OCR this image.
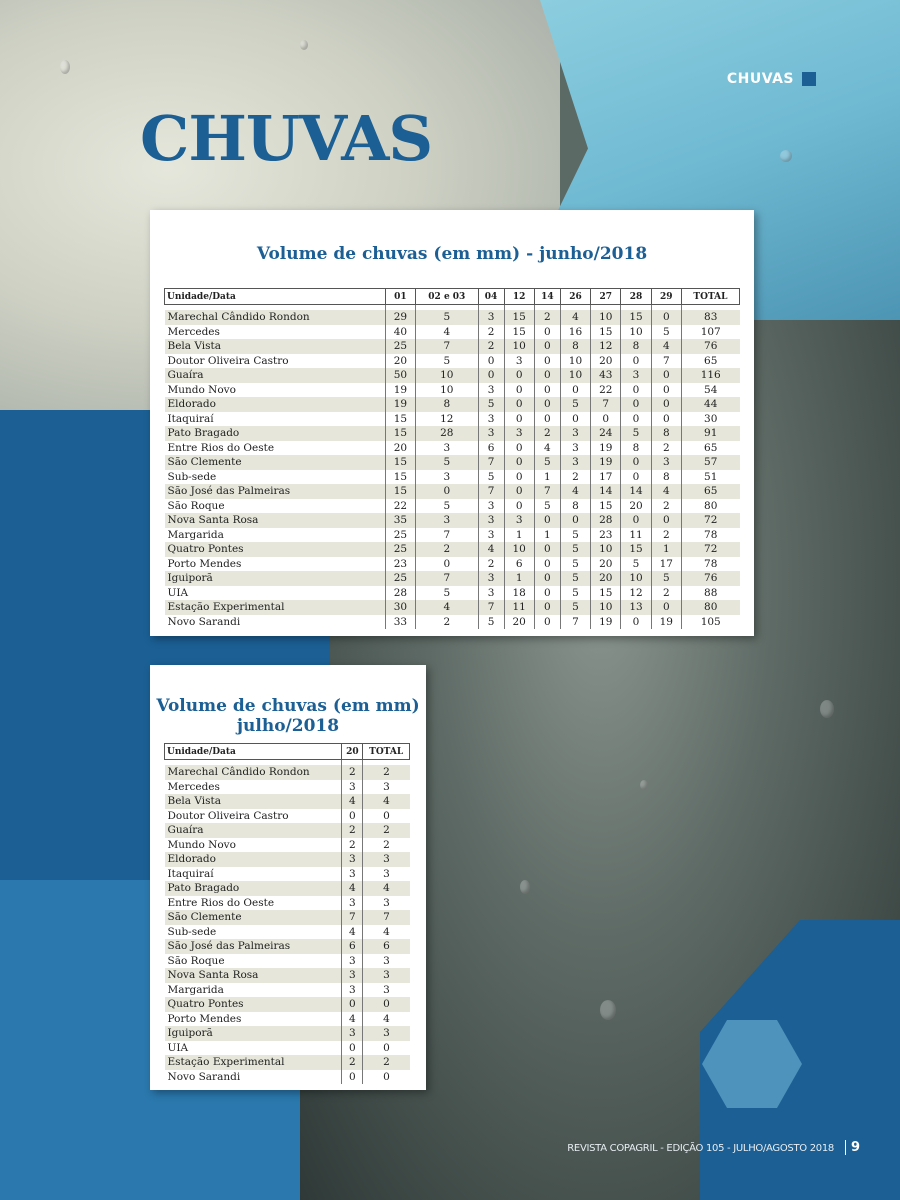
CHUVAS
CHUVAS
Volume de chuvas (em mm) - junho/2018
Unidade/Data	01	02 e 03	04	12	14	26	27	28	29	TOTAL

Marechal Cândido Rondon	29	5	3	15	2	4	10	15	0	83
Mercedes	40	4	2	15	0	16	15	10	5	107
Bela Vista	25	7	2	10	0	8	12	8	4	76
Doutor Oliveira Castro	20	5	0	3	0	10	20	0	7	65
Guaíra	50	10	0	0	0	10	43	3	0	116
Mundo Novo	19	10	3	0	0	0	22	0	0	54
Eldorado	19	8	5	0	0	5	7	0	0	44
Itaquiraí	15	12	3	0	0	0	0	0	0	30
Pato Bragado	15	28	3	3	2	3	24	5	8	91
Entre Rios do Oeste	20	3	6	0	4	3	19	8	2	65
São Clemente	15	5	7	0	5	3	19	0	3	57
Sub-sede	15	3	5	0	1	2	17	0	8	51
São José das Palmeiras	15	0	7	0	7	4	14	14	4	65
São Roque	22	5	3	0	5	8	15	20	2	80
Nova Santa Rosa	35	3	3	3	0	0	28	0	0	72
Margarida	25	7	3	1	1	5	23	11	2	78
Quatro Pontes	25	2	4	10	0	5	10	15	1	72
Porto Mendes	23	0	2	6	0	5	20	5	17	78
Iguiporã	25	7	3	1	0	5	20	10	5	76
UIA	28	5	3	18	0	5	15	12	2	88
Estação Experimental	30	4	7	11	0	5	10	13	0	80
Novo Sarandi	33	2	5	20	0	7	19	0	19	105
Volume de chuvas (em mm)
julho/2018
Unidade/Data	20	TOTAL

Marechal Cândido Rondon	2	2
Mercedes	3	3
Bela Vista	4	4
Doutor Oliveira Castro	0	0
Guaíra	2	2
Mundo Novo	2	2
Eldorado	3	3
Itaquiraí	3	3
Pato Bragado	4	4
Entre Rios do Oeste	3	3
São Clemente	7	7
Sub-sede	4	4
São José das Palmeiras	6	6
São Roque	3	3
Nova Santa Rosa	3	3
Margarida	3	3
Quatro Pontes	0	0
Porto Mendes	4	4
Iguiporã	3	3
UIA	0	0
Estação Experimental	2	2
Novo Sarandi	0	0
REVISTA COPAGRIL - EDIÇÃO 105 - JULHO/AGOSTO 2018	9
